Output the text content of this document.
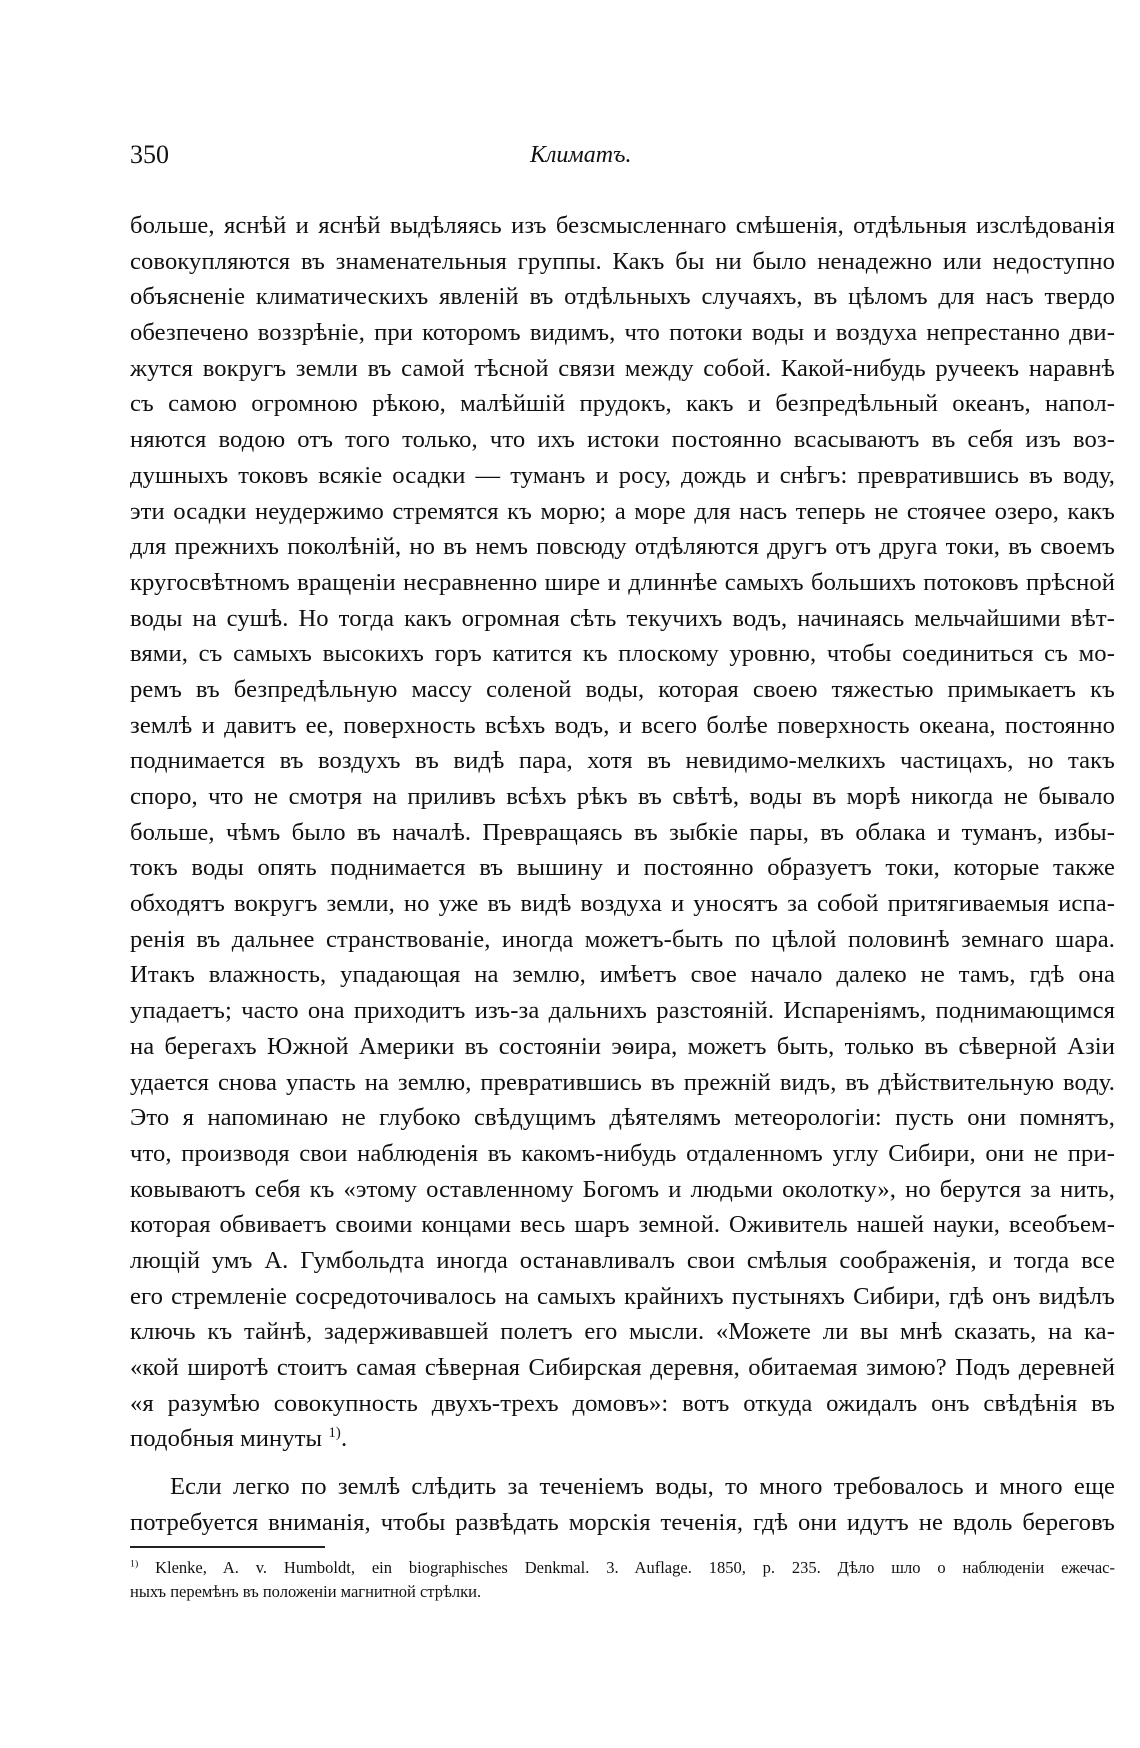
350	Климатъ.
больше, яснѣй и яснѣй выдѣляясь изъ безсмысленнаго смѣшенія, отдѣльныя изслѣдованія
совокупляются въ знаменательныя группы. Какъ бы ни было ненадежно или недоступно
объясненіе климатическихъ явленій въ отдѣльныхъ случаяхъ, въ цѣломъ для насъ твердо
обезпечено воззрѣніе, при которомъ видимъ, что потоки воды и воздуха непрестанно дви-
жутся вокругъ земли въ самой тѣсной связи между собой. Какой-нибудь ручеекъ наравнѣ
съ самою огромною рѣкою, малѣйшій прудокъ, какъ и безпредѣльный океанъ, напол-
няются водою отъ того только, что ихъ истоки постоянно всасываютъ въ себя изъ воз-
душныхъ токовъ всякіе осадки — туманъ и росу, дождь и снѣгъ: превратившись въ воду,
эти осадки неудержимо стремятся къ морю; а море для насъ теперь не стоячее озеро, какъ
для прежнихъ поколѣній, но въ немъ повсюду отдѣляются другъ отъ друга токи, въ своемъ
кругосвѣтномъ вращеніи несравненно шире и длиннѣе самыхъ большихъ потоковъ прѣсной
воды на сушѣ. Но тогда какъ огромная сѣть текучихъ водъ, начинаясь мельчайшими вѣт-
вями, съ самыхъ высокихъ горъ катится къ плоскому уровню, чтобы соединиться съ мо-
ремъ въ безпредѣльную массу соленой воды, которая своею тяжестью примыкаетъ къ
землѣ и давитъ ее, поверхность всѣхъ водъ, и всего болѣе поверхность океана, постоянно
поднимается въ воздухъ въ видѣ пара, хотя въ невидимо-мелкихъ частицахъ, но такъ
споро, что не смотря на приливъ всѣхъ рѣкъ въ свѣтѣ, воды въ морѣ никогда не бывало
больше, чѣмъ было въ началѣ. Превращаясь въ зыбкіе пары, въ облака и туманъ, избы-
токъ воды опять поднимается въ вышину и постоянно образуетъ токи, которые также
обходятъ вокругъ земли, но уже въ видѣ воздуха и уносятъ за собой притягиваемыя испа-
ренія въ дальнее странствованіе, иногда можетъ-быть по цѣлой половинѣ земнаго шара.
Итакъ влажность, упадающая на землю, имѣетъ свое начало далеко не тамъ, гдѣ она
упадаетъ; часто она приходитъ изъ-за дальнихъ разстояній. Испареніямъ, поднимающимся
на берегахъ Южной Америки въ состояніи эѳира, можетъ быть, только въ сѣверной Азіи
удается снова упасть на землю, превратившись въ прежній видъ, въ дѣйствительную воду.
Это я напоминаю не глубоко свѣдущимъ дѣятелямъ метеорологіи: пусть они помнятъ,
что, производя свои наблюденія въ какомъ-нибудь отдаленномъ углу Сибири, они не при-
ковываютъ себя къ «этому оставленному Богомъ и людьми околотку», но берутся за нить,
которая обвиваетъ своими концами весь шаръ земной. Оживитель нашей науки, всеобъем-
лющій умъ А. Гумбольдта иногда останавливалъ свои смѣлыя соображенія, и тогда все
его стремленіе сосредоточивалось на самыхъ крайнихъ пустыняхъ Сибири, гдѣ онъ видѣлъ
ключь къ тайнѣ, задерживавшей полетъ его мысли. «Можете ли вы мнѣ сказать, на ка-
«кой широтѣ стоитъ самая сѣверная Сибирская деревня, обитаемая зимою? Подъ деревней
«я разумѣю совокупность двухъ-трехъ домовъ»: вотъ откуда ожидалъ онъ свѣдѣнія въ
подобныя минуты $^{1)}$.
Если легко по землѣ слѣдить за теченіемъ воды, то много требовалось и много еще
потребуется вниманія, чтобы развѣдать морскія теченія, гдѣ они идутъ не вдоль береговъ
$^{1)}$ Klenke, A. v. Humboldt, ein biographisches Denkmal. 3. Auflage. 1850, p. 235. Дѣло шло о наблюденіи ежечас-
ныхъ перемѣнъ въ положеніи магнитной стрѣлки.
